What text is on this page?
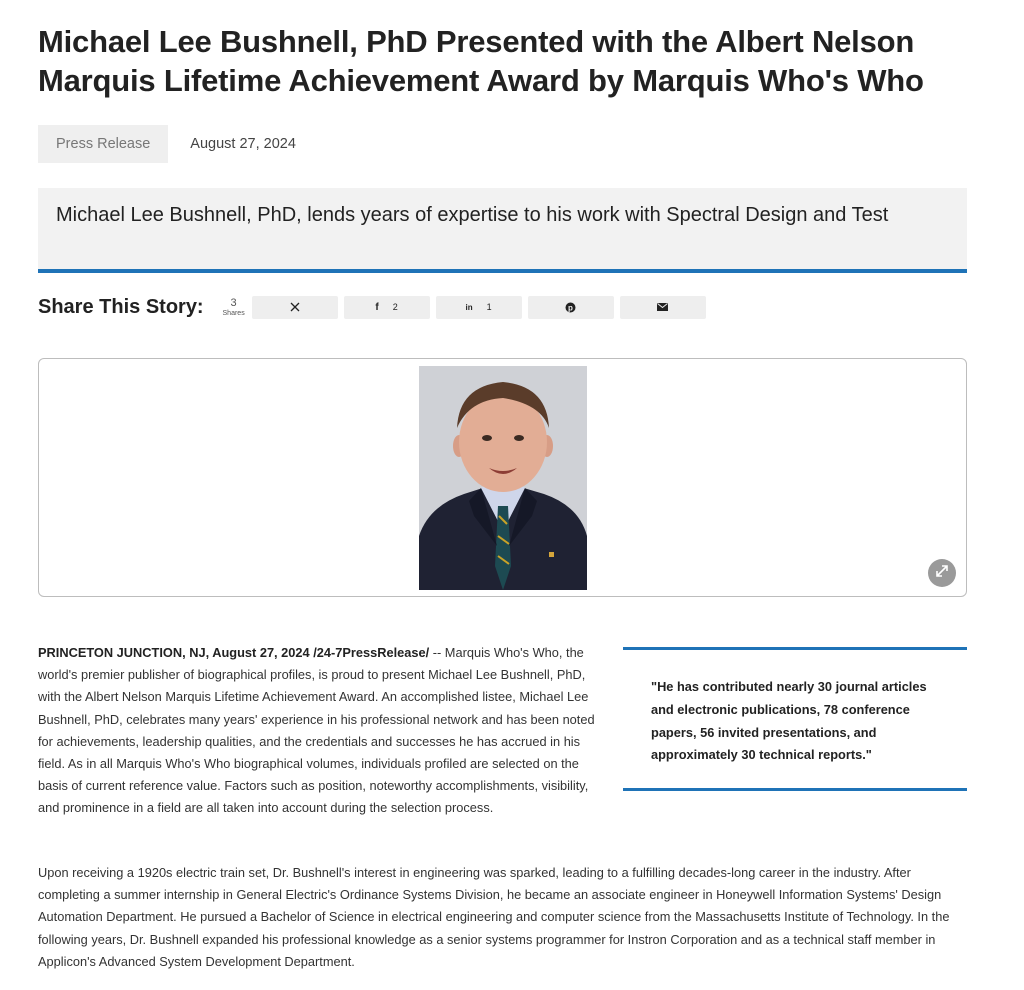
Michael Lee Bushnell, PhD Presented with the Albert Nelson Marquis Lifetime Achievement Award by Marquis Who's Who
Press Release	August 27, 2024

Michael Lee Bushnell, PhD, lends years of expertise to his work with Spectral Design and Test

Share This Story:	3
Shares
f 2	in 1	p

PRINCETON JUNCTION, NJ, August 27, 2024 /24-7PressRelease/ -- Marquis Who's Who, the world's premier publisher of biographical profiles, is proud to present Michael Lee Bushnell, PhD, with the Albert Nelson Marquis Lifetime Achievement Award. An accomplished listee, Michael Lee Bushnell, PhD, celebrates many years' experience in his professional network and has been noted for achievements, leadership qualities, and the credentials and successes he has accrued in his field. As in all Marquis Who's Who biographical volumes, individuals profiled are selected on the basis of current reference value. Factors such as position, noteworthy accomplishments, visibility, and prominence in a field are all taken into account during the selection process.

"He has contributed nearly 30 journal articles and electronic publications, 78 conference papers, 56 invited presentations, and approximately 30 technical reports."

Upon receiving a 1920s electric train set, Dr. Bushnell's interest in engineering was sparked, leading to a fulfilling decades-long career in the industry. After completing a summer internship in General Electric's Ordinance Systems Division, he became an associate engineer in Honeywell Information Systems' Design Automation Department. He pursued a Bachelor of Science in electrical engineering and computer science from the Massachusetts Institute of Technology. In the following years, Dr. Bushnell expanded his professional knowledge as a senior systems programmer for Instron Corporation and as a technical staff member in Applicon's Advanced System Development Department.
